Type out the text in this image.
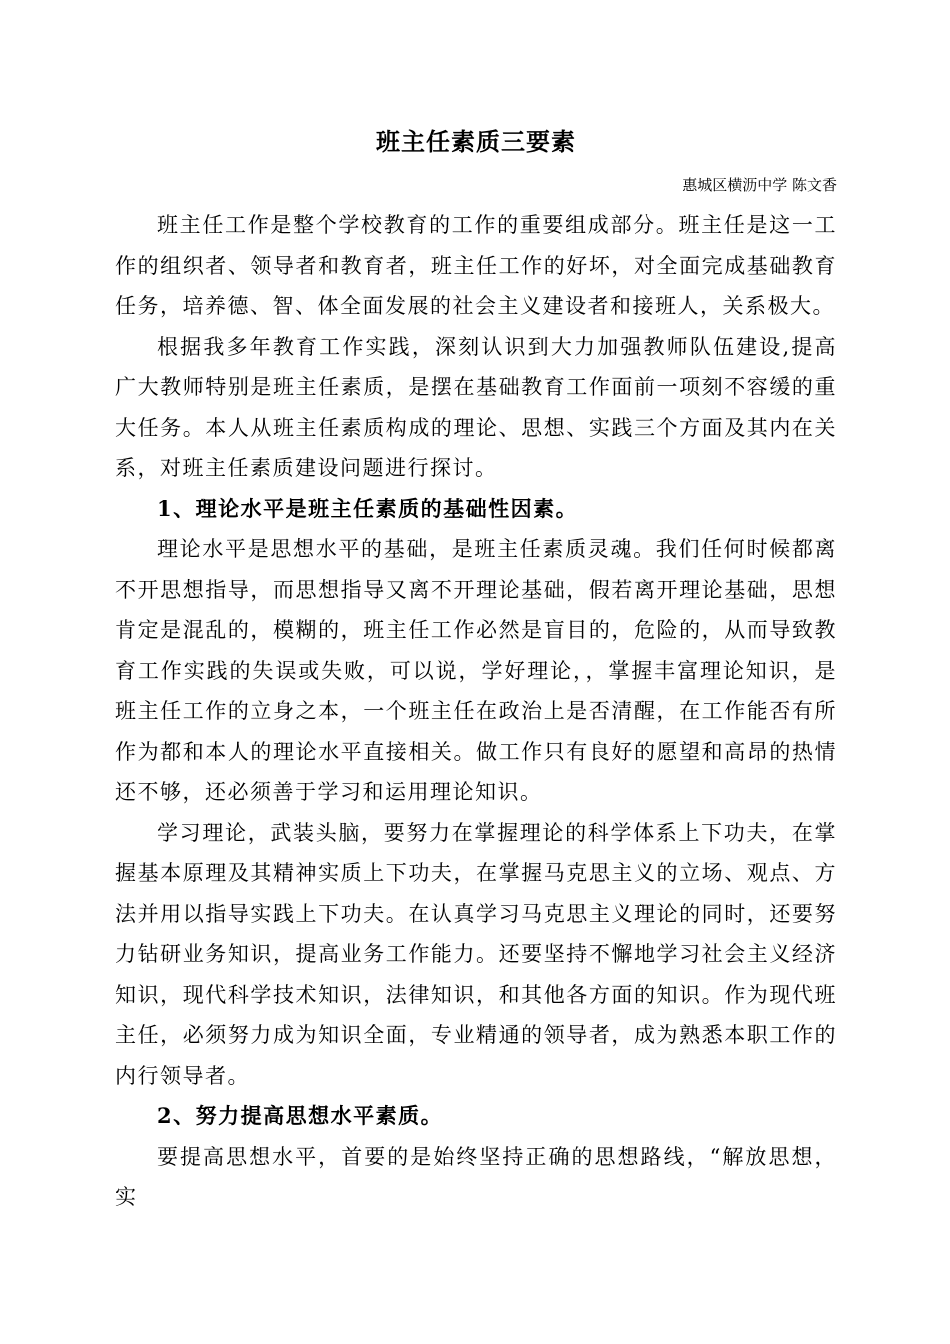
班主任素质三要素
惠城区横沥中学 陈文香

班主任工作是整个学校教育的工作的重要组成部分。班主任是这一工作的组织者、领导者和教育者，班主任工作的好坏，对全面完成基础教育任务，培养德、智、体全面发展的社会主义建设者和接班人，关系极大。

根据我多年教育工作实践，深刻认识到大力加强教师队伍建设,提高广大教师特别是班主任素质，是摆在基础教育工作面前一项刻不容缓的重大任务。本人从班主任素质构成的理论、思想、实践三个方面及其内在关系，对班主任素质建设问题进行探讨。

1、理论水平是班主任素质的基础性因素。

理论水平是思想水平的基础，是班主任素质灵魂。我们任何时候都离不开思想指导，而思想指导又离不开理论基础，假若离开理论基础，思想肯定是混乱的，模糊的，班主任工作必然是盲目的，危险的，从而导致教育工作实践的失误或失败，可以说，学好理论，，掌握丰富理论知识，是班主任工作的立身之本，一个班主任在政治上是否清醒，在工作能否有所作为都和本人的理论水平直接相关。做工作只有良好的愿望和高昂的热情还不够，还必须善于学习和运用理论知识。

学习理论，武装头脑，要努力在掌握理论的科学体系上下功夫，在掌握基本原理及其精神实质上下功夫，在掌握马克思主义的立场、观点、方法并用以指导实践上下功夫。在认真学习马克思主义理论的同时，还要努力钻研业务知识，提高业务工作能力。还要坚持不懈地学习社会主义经济知识，现代科学技术知识，法律知识，和其他各方面的知识。作为现代班主任，必须努力成为知识全面，专业精通的领导者，成为熟悉本职工作的内行领导者。

2、努力提高思想水平素质。

要提高思想水平，首要的是始终坚持正确的思想路线，“解放思想，实
